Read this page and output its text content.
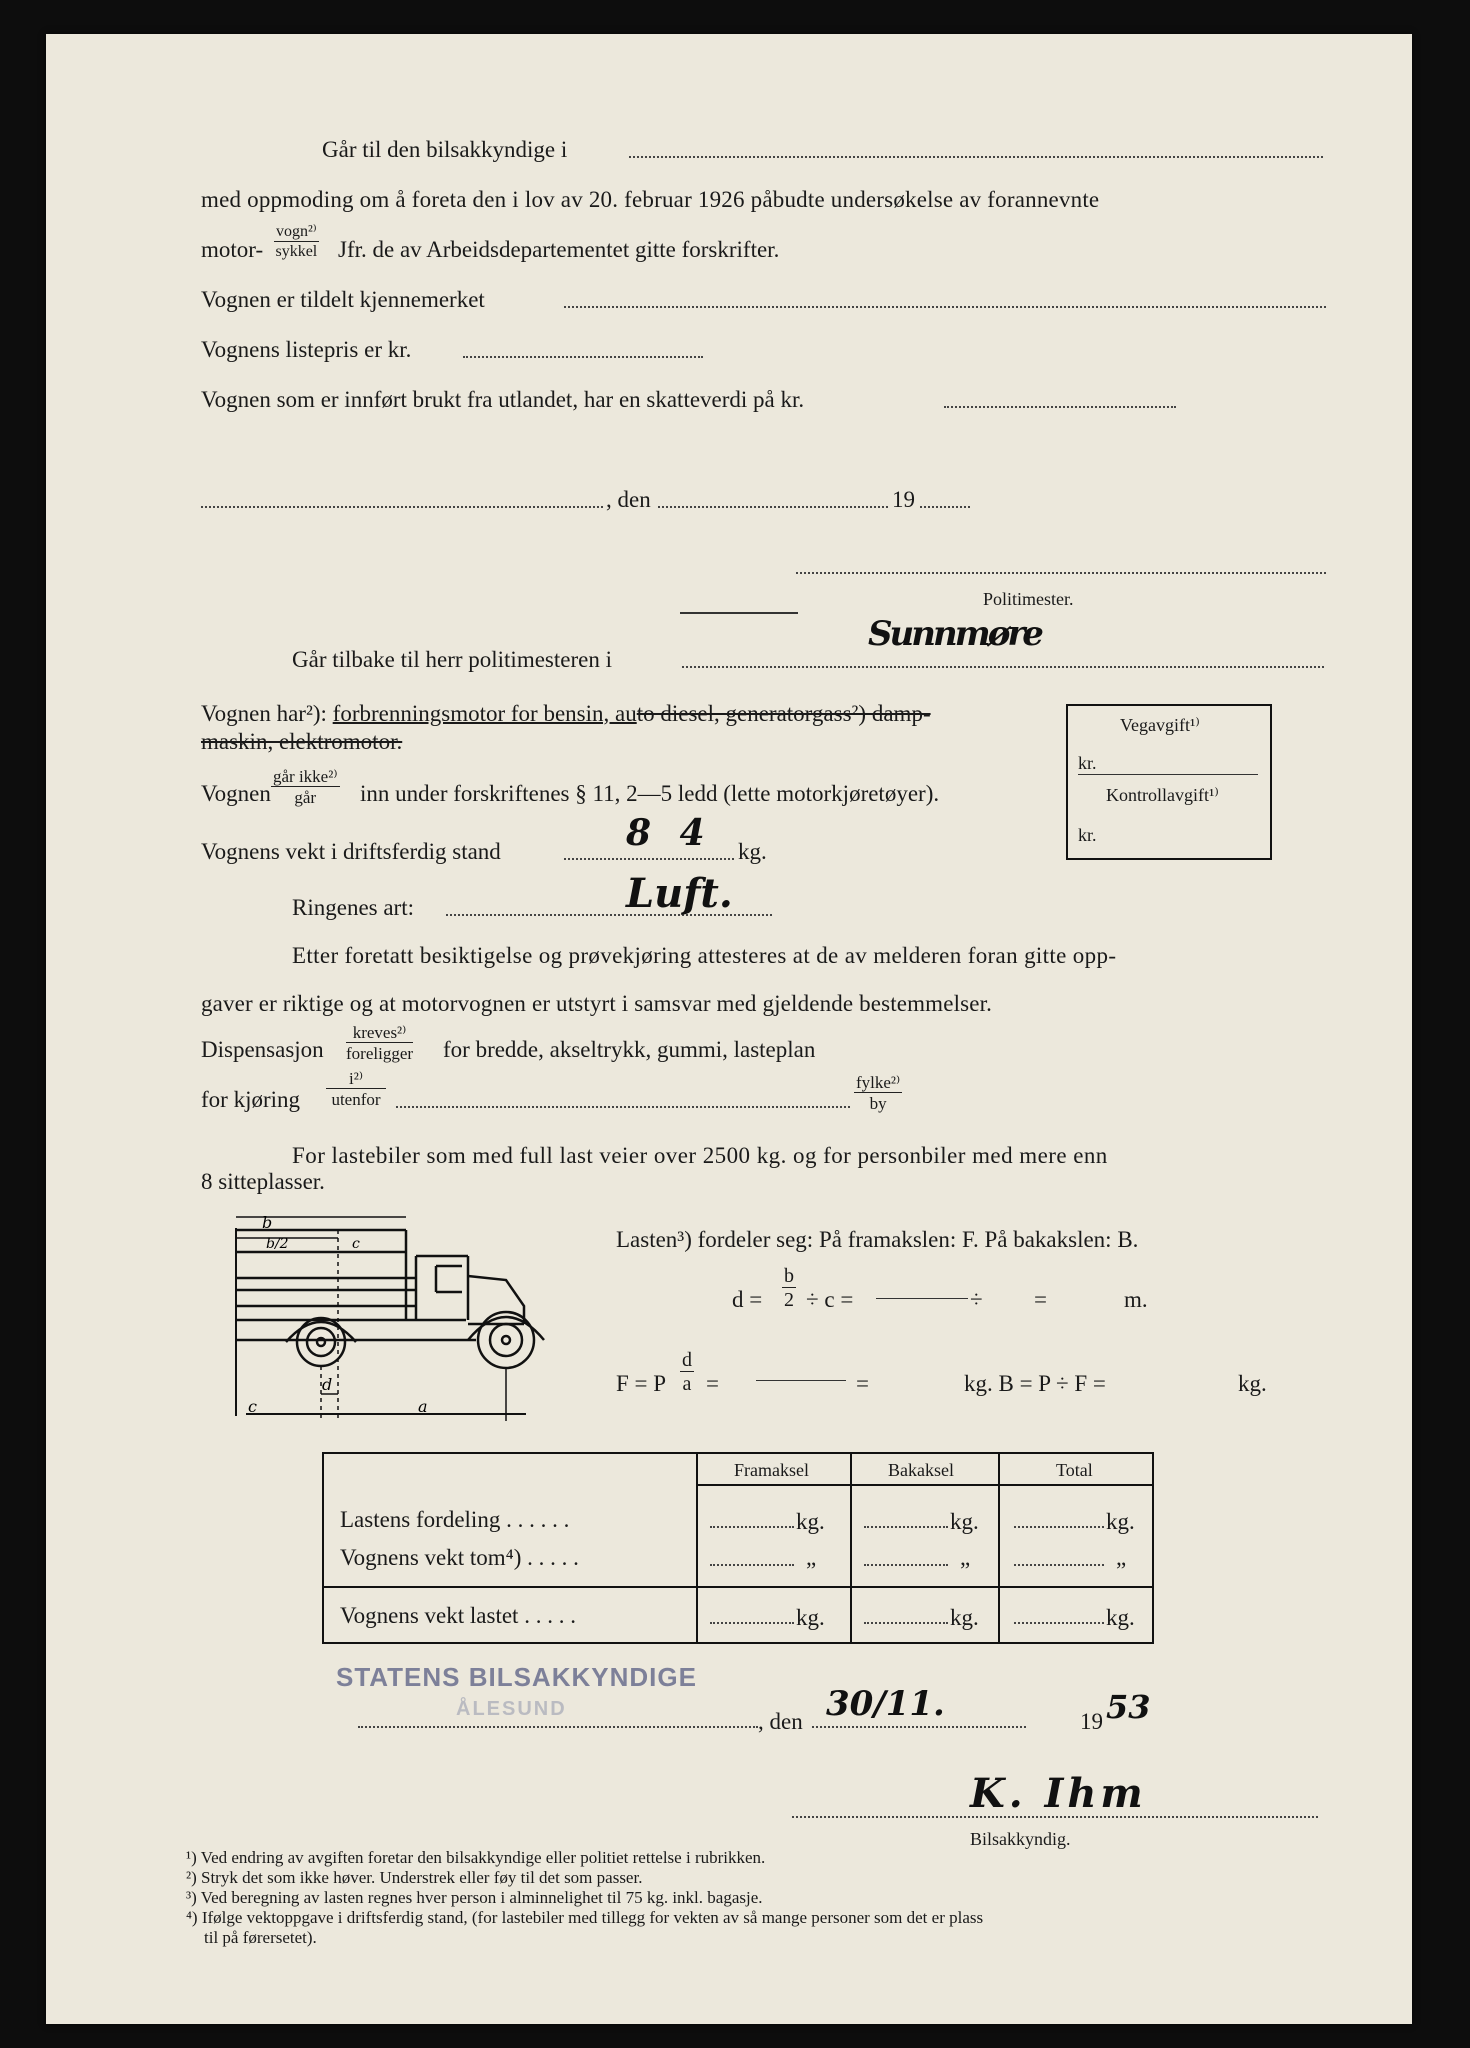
Går til den bilsakkyndige i
med oppmoding om å foreta den i lov av 20. februar 1926 påbudte undersøkelse av forannevnte
motor-
vogn²⁾
sykkel Jfr. de av Arbeidsdepartementet gitte forskrifter.
Vognen er tildelt kjennemerket
Vognens listepris er kr.
Vognen som er innført brukt fra utlandet, har en skatteverdi på kr.
, den	19
Politimester.
Går tilbake til herr politimesteren i
Sunnmøre
Vognen har²): forbrenningsmotor for bensin, auto diesel, generatorgass²) damp-
maskin, elektromotor.
Vognen
går ikke²⁾
går	inn under forskriftenes § 11, 2—5 ledd (lette motorkjøretøyer).
Vognens vekt i driftsferdig stand	8 4 kg.
Ringenes art:	Luft.
Vegavgift¹⁾
kr.
Kontrollavgift¹⁾
kr.
Etter foretatt besiktigelse og prøvekjøring attesteres at de av melderen foran gitte opp-
gaver er riktige og at motorvognen er utstyrt i samsvar med gjeldende bestemmelser.
Dispensasjon
kreves²⁾
foreligger for bredde, akseltrykk, gummi, lasteplan
for kjøring
i²⁾
utenfor
fylke²⁾
by
For lastebiler som med full last veier over 2500 kg. og for personbiler med mere enn
8 sitteplasser.
Lasten³) fordeler seg: På framakslen: F. På bakakslen: B.
$d = \frac{b}{2} \div c$ =	÷ =	m.
F = P $\frac{d}{a}$ =	=	kg. B = P ÷ F =	kg.
b
b/2	c
d
a
c
Framaksel	Bakaksel	Total
Lastens fordeling . . . . . .	kg.	kg.	kg.
Vognens vekt tom⁴) . . . . .	„	„	„
Vognens vekt lastet . . . . .	kg.	kg.	kg.
STATENS BILSAKKYNDIGE
ÅLESUND	, den 30/11.	19 53
K. Ihm
Bilsakkyndig.
¹) Ved endring av avgiften foretar den bilsakkyndige eller politiet rettelse i rubrikken.
²) Stryk det som ikke høver. Understrek eller føy til det som passer.
³) Ved beregning av lasten regnes hver person i alminnelighet til 75 kg. inkl. bagasje.
⁴) Ifølge vektoppgave i driftsferdig stand, (for lastebiler med tillegg for vekten av så mange personer som det er plass
til på førersetet).
